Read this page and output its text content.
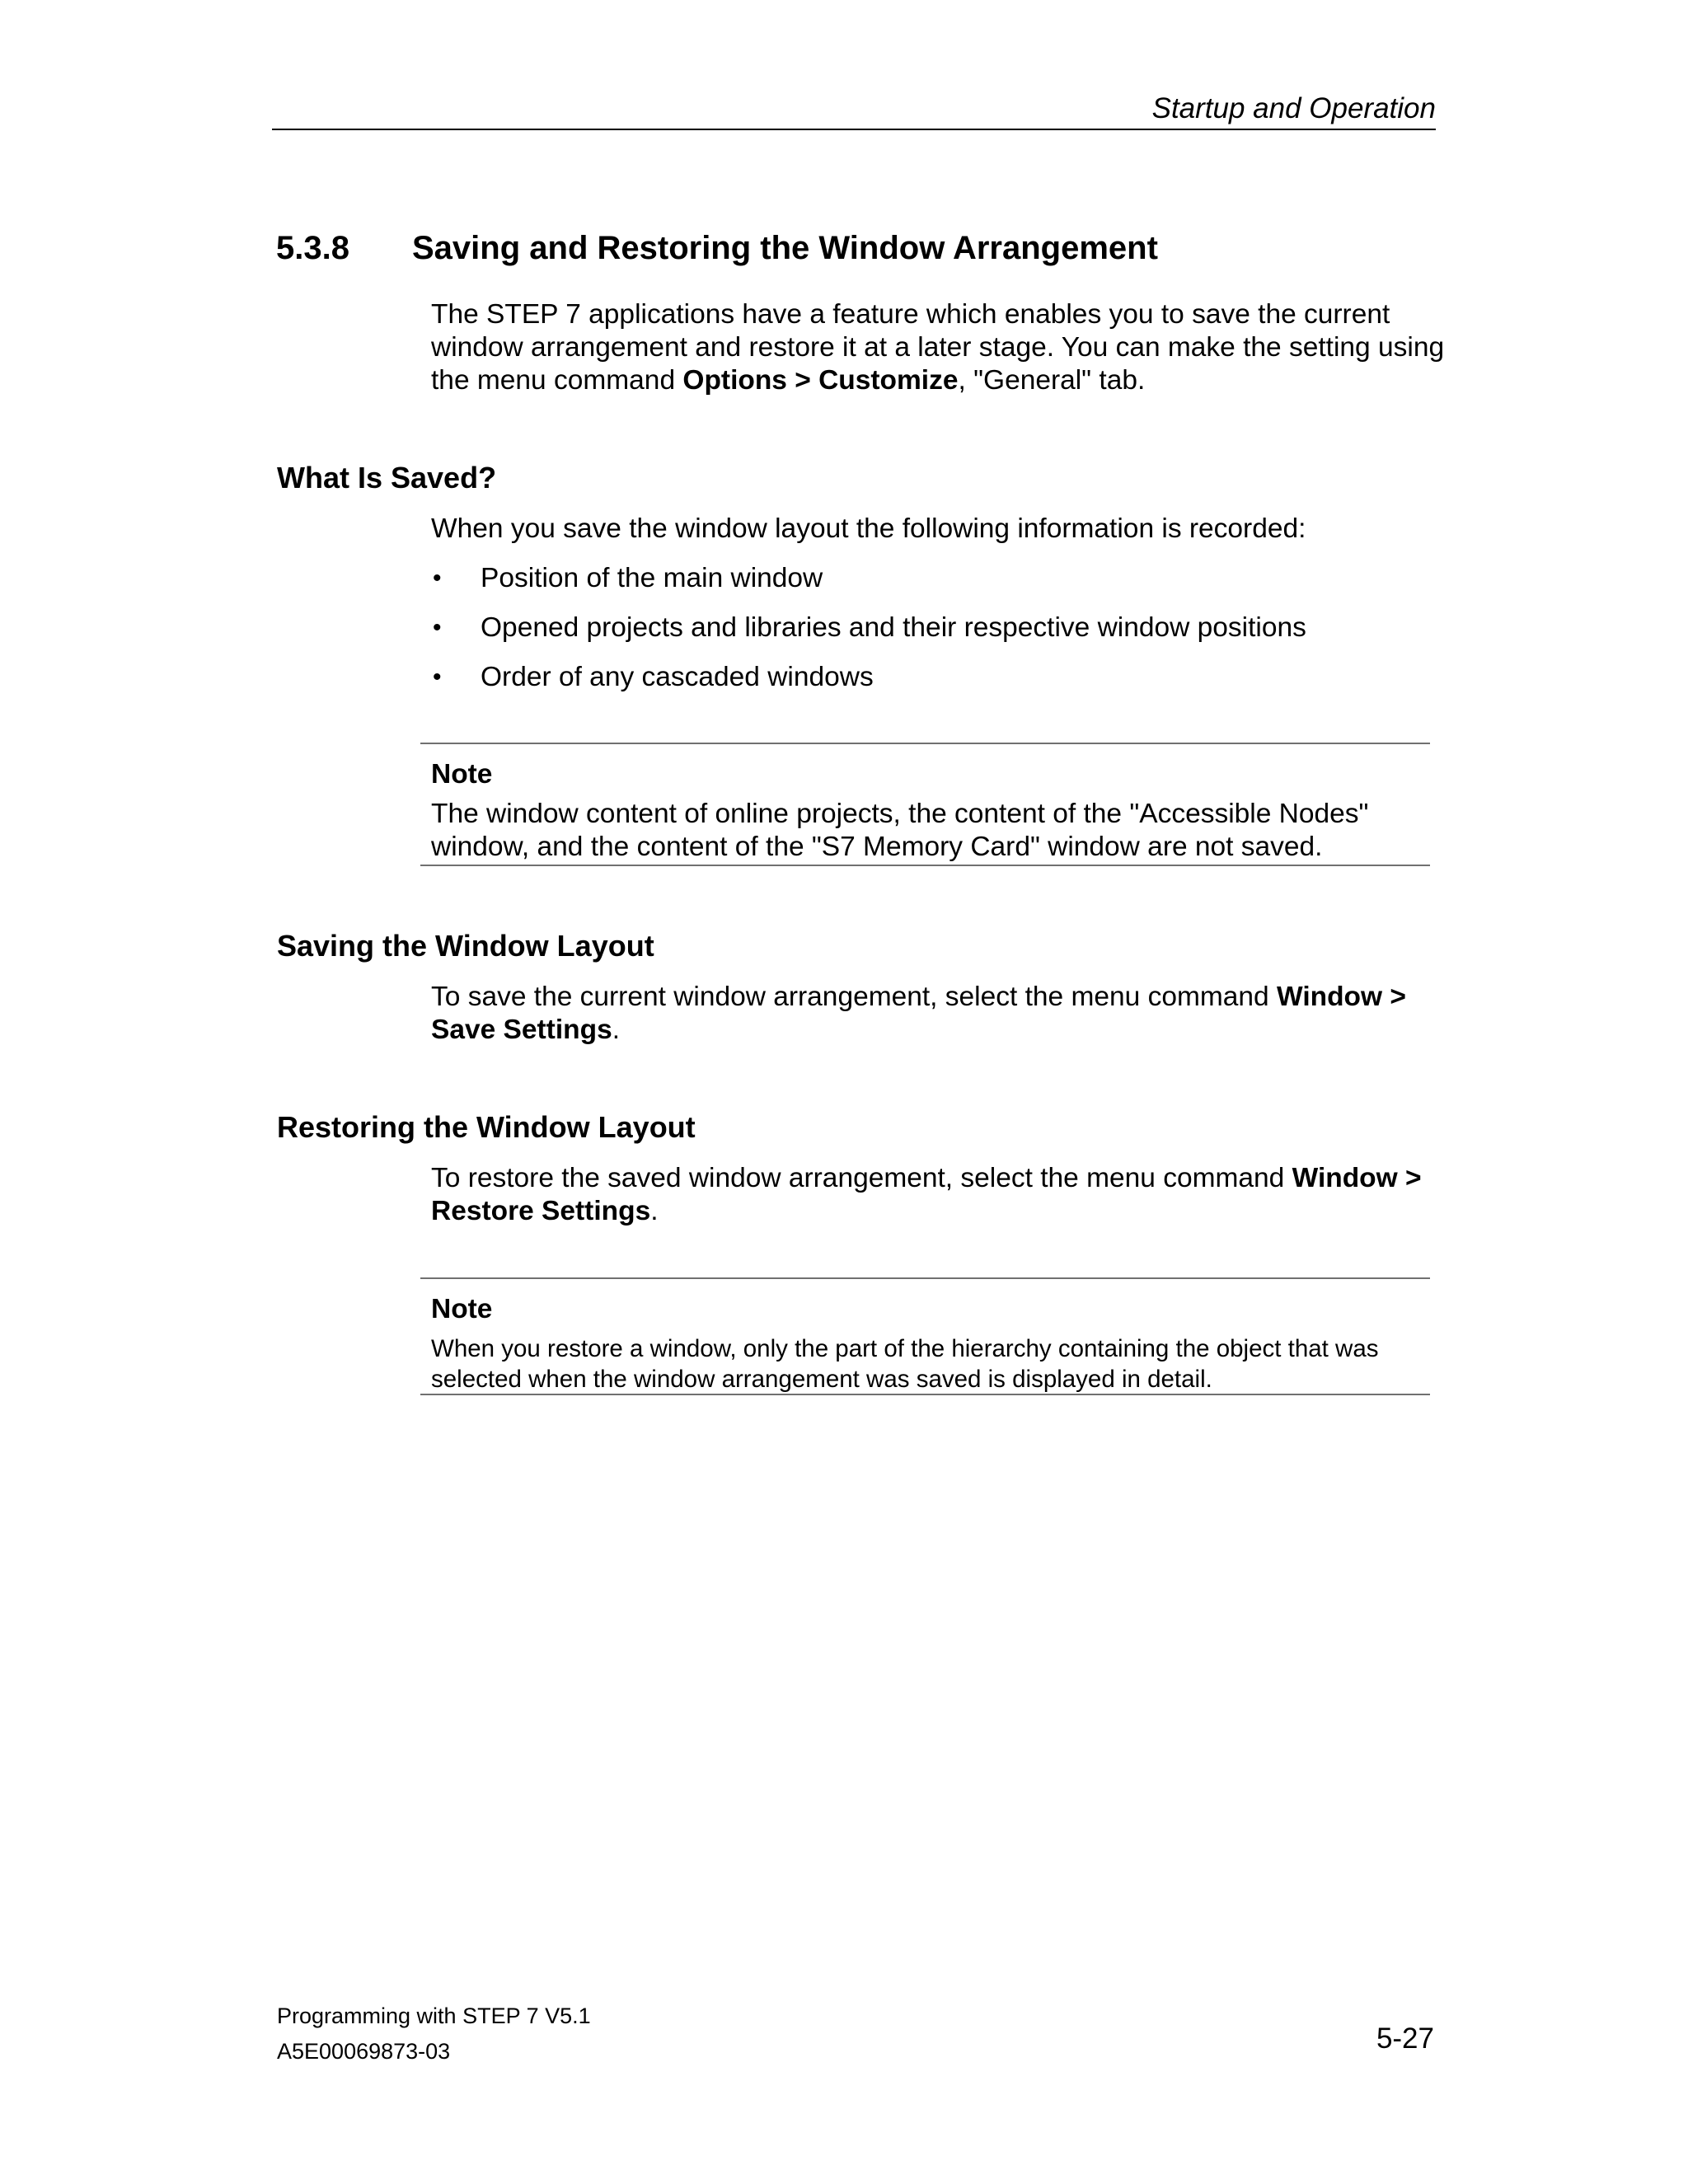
Startup and Operation
5.3.8 Saving and Restoring the Window Arrangement
The STEP 7 applications have a feature which enables you to save the current window arrangement and restore it at a later stage. You can make the setting using the menu command Options > Customize, "General" tab.
What Is Saved?
When you save the window layout the following information is recorded:
• Position of the main window
• Opened projects and libraries and their respective window positions
• Order of any cascaded windows
Note
The window content of online projects, the content of the "Accessible Nodes" window, and the content of the "S7 Memory Card" window are not saved.
Saving the Window Layout
To save the current window arrangement, select the menu command Window > Save Settings.
Restoring the Window Layout
To restore the saved window arrangement, select the menu command Window > Restore Settings.
Note
When you restore a window, only the part of the hierarchy containing the object that was selected when the window arrangement was saved is displayed in detail.
Programming with STEP 7 V5.1
A5E00069873-03	5-27
